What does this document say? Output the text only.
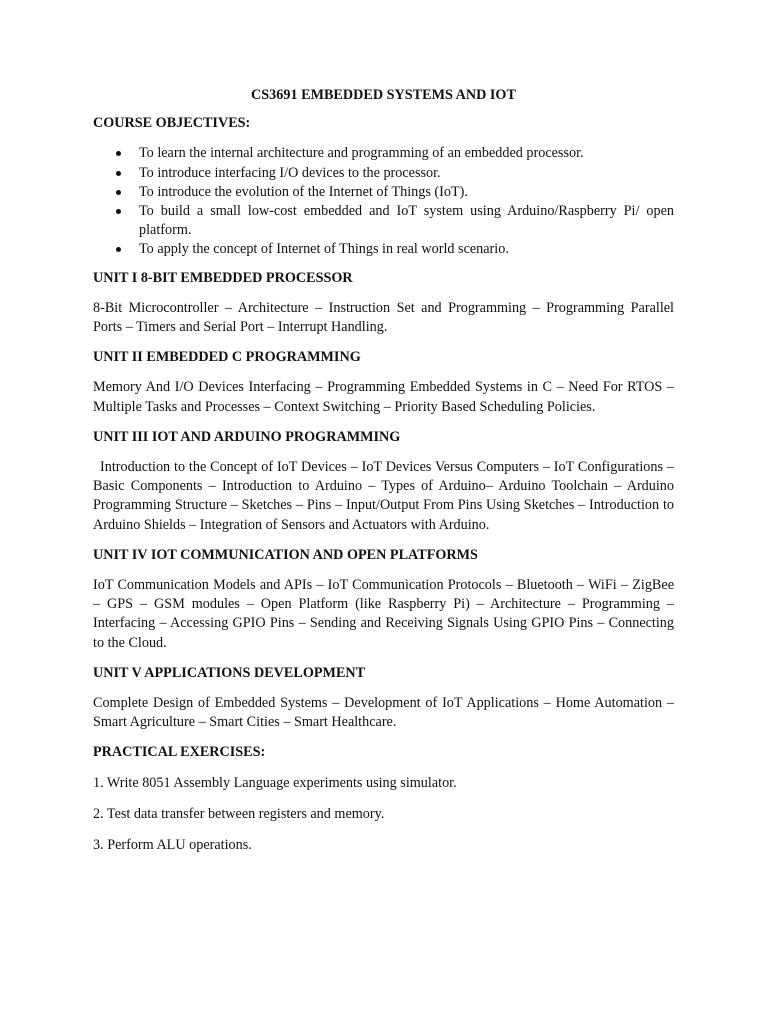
CS3691 EMBEDDED SYSTEMS AND IOT
COURSE OBJECTIVES:
To learn the internal architecture and programming of an embedded processor.
To introduce interfacing I/O devices to the processor.
To introduce the evolution of the Internet of Things (IoT).
To build a small low-cost embedded and IoT system using Arduino/Raspberry Pi/ open platform.
To apply the concept of Internet of Things in real world scenario.
UNIT I 8-BIT EMBEDDED PROCESSOR
8-Bit Microcontroller – Architecture – Instruction Set and Programming – Programming Parallel Ports – Timers and Serial Port – Interrupt Handling.
UNIT II EMBEDDED C PROGRAMMING
Memory And I/O Devices Interfacing – Programming Embedded Systems in C – Need For RTOS –Multiple Tasks and Processes – Context Switching – Priority Based Scheduling Policies.
UNIT III IOT AND ARDUINO PROGRAMMING
Introduction to the Concept of IoT Devices – IoT Devices Versus Computers – IoT Configurations – Basic Components – Introduction to Arduino – Types of Arduino– Arduino Toolchain – Arduino Programming Structure – Sketches – Pins – Input/Output From Pins Using Sketches – Introduction to Arduino Shields – Integration of Sensors and Actuators with Arduino.
UNIT IV IOT COMMUNICATION AND OPEN PLATFORMS
IoT Communication Models and APIs – IoT Communication Protocols – Bluetooth – WiFi – ZigBee – GPS – GSM modules – Open Platform (like Raspberry Pi) – Architecture – Programming – Interfacing – Accessing GPIO Pins – Sending and Receiving Signals Using GPIO Pins – Connecting to the Cloud.
UNIT V APPLICATIONS DEVELOPMENT
Complete Design of Embedded Systems – Development of IoT Applications – Home Automation –Smart Agriculture – Smart Cities – Smart Healthcare.
PRACTICAL EXERCISES:
1. Write 8051 Assembly Language experiments using simulator.
2. Test data transfer between registers and memory.
3. Perform ALU operations.
